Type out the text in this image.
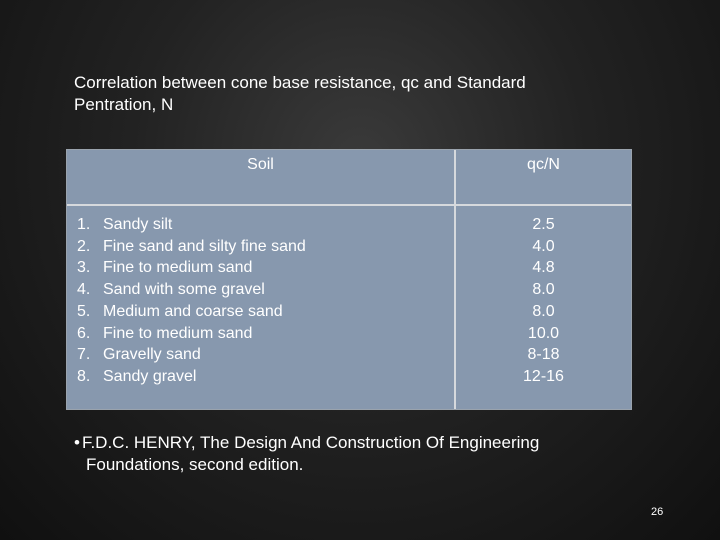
Correlation between cone base resistance, qc and Standard
Pentration, N
Soil	qc/N
1. Sandy silt
2. Fine sand and silty fine sand
3. Fine to medium sand
4. Sand with some gravel
5. Medium and coarse sand
6. Fine to medium sand
7. Gravelly sand
8. Sandy gravel
2.5
4.0
4.8
8.0
8.0
10.0
8-18
12-16
• F.D.C. HENRY, The Design And Construction Of Engineering
Foundations, second edition.
26
